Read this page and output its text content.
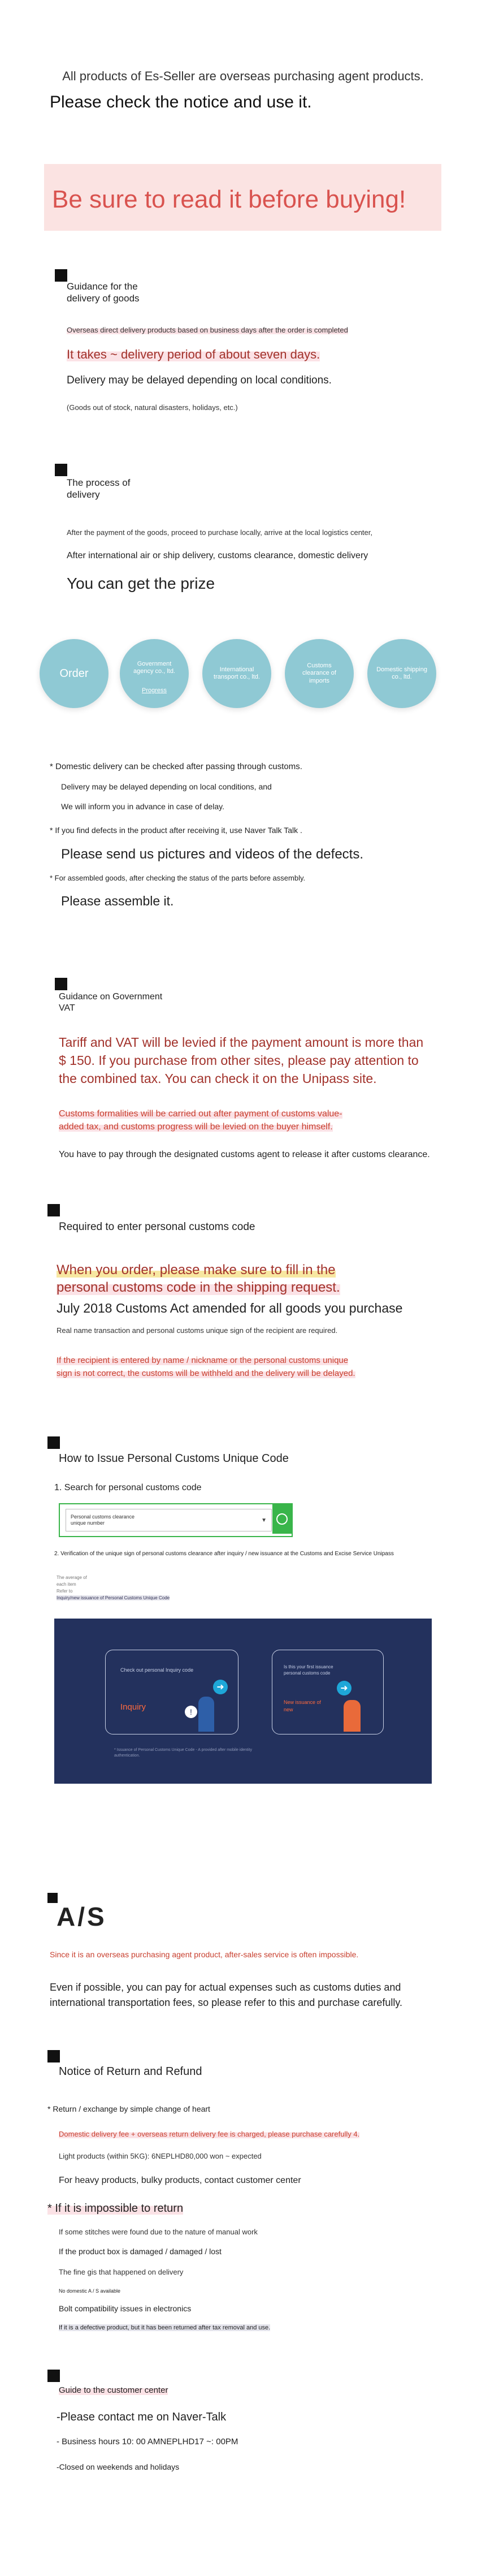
All products of Es-Seller are overseas purchasing agent products.
Please check the notice and use it.
Be sure to read it before buying!
Guidance for the
delivery of goods
Overseas direct delivery products based on business days after the order is completed
It takes ~ delivery period of about seven days.
Delivery may be delayed depending on local conditions.
(Goods out of stock, natural disasters, holidays, etc.)
The process of
delivery
After the payment of the goods, proceed to purchase locally, arrive at the local logistics center,
After international air or ship delivery, customs clearance, domestic delivery
You can get the prize
Order
Government agency co., ltd.
Progress
International transport co., ltd.
Customs clearance of imports
Domestic shipping co., ltd.
* Domestic delivery can be checked after passing through customs.
Delivery may be delayed depending on local conditions, and
We will inform you in advance in case of delay.
* If you find defects in the product after receiving it, use Naver Talk Talk .
Please send us pictures and videos of the defects.
* For assembled goods, after checking the status of the parts before assembly.
Please assemble it.
Guidance on Government
VAT
Tariff and VAT will be levied if the payment amount is more than $ 150. If you purchase from other sites, please pay attention to the combined tax. You can check it on the Unipass site.
Customs formalities will be carried out after payment of customs value-
added tax, and customs progress will be levied on the buyer himself.
You have to pay through the designated customs agent to release it after customs clearance.
Required to enter personal customs code
When you order, please make sure to fill in the
personal customs code in the shipping request.
July 2018 Customs Act amended for all goods you purchase
Real name transaction and personal customs unique sign of the recipient are required.
If the recipient is entered by name / nickname or the personal customs unique
sign is not correct, the customs will be withheld and the delivery will be delayed.
How to Issue Personal Customs Unique Code
1. Search for personal customs code
Personal customs clearance
unique number	▼
2. Verification of the unique sign of personal customs clearance after inquiry / new issuance at the Customs and Excise Service Unipass
The average of
each item
Refer to
Inquiry/new issuance of Personal Customs Unique Code
Check out personal Inquiry code
Inquiry
➜
!
Is this your first issuance
personal customs code
➜
New issuance of
new
* Issuance of Personal Customs Unique Code - A provided after mobile identity
authentication.
A/S
Since it is an overseas purchasing agent product, after-sales service is often impossible.
Even if possible, you can pay for actual expenses such as customs duties and
international transportation fees, so please refer to this and purchase carefully.
Notice of Return and Refund
* Return / exchange by simple change of heart
Domestic delivery fee + overseas return delivery fee is charged, please purchase carefully 4.
Light products (within 5KG): 6NEPLHD80,000 won ~ expected
For heavy products, bulky products, contact customer center
* If it is impossible to return
If some stitches were found due to the nature of manual work
If the product box is damaged / damaged / lost
The fine gis that happened on delivery
No domestic A / S available
Bolt compatibility issues in electronics
If it is a defective product, but it has been returned after tax removal and use.
Guide to the customer center
-Please contact me on Naver-Talk
- Business hours 10: 00 AMNEPLHD17 ~: 00PM
-Closed on weekends and holidays
